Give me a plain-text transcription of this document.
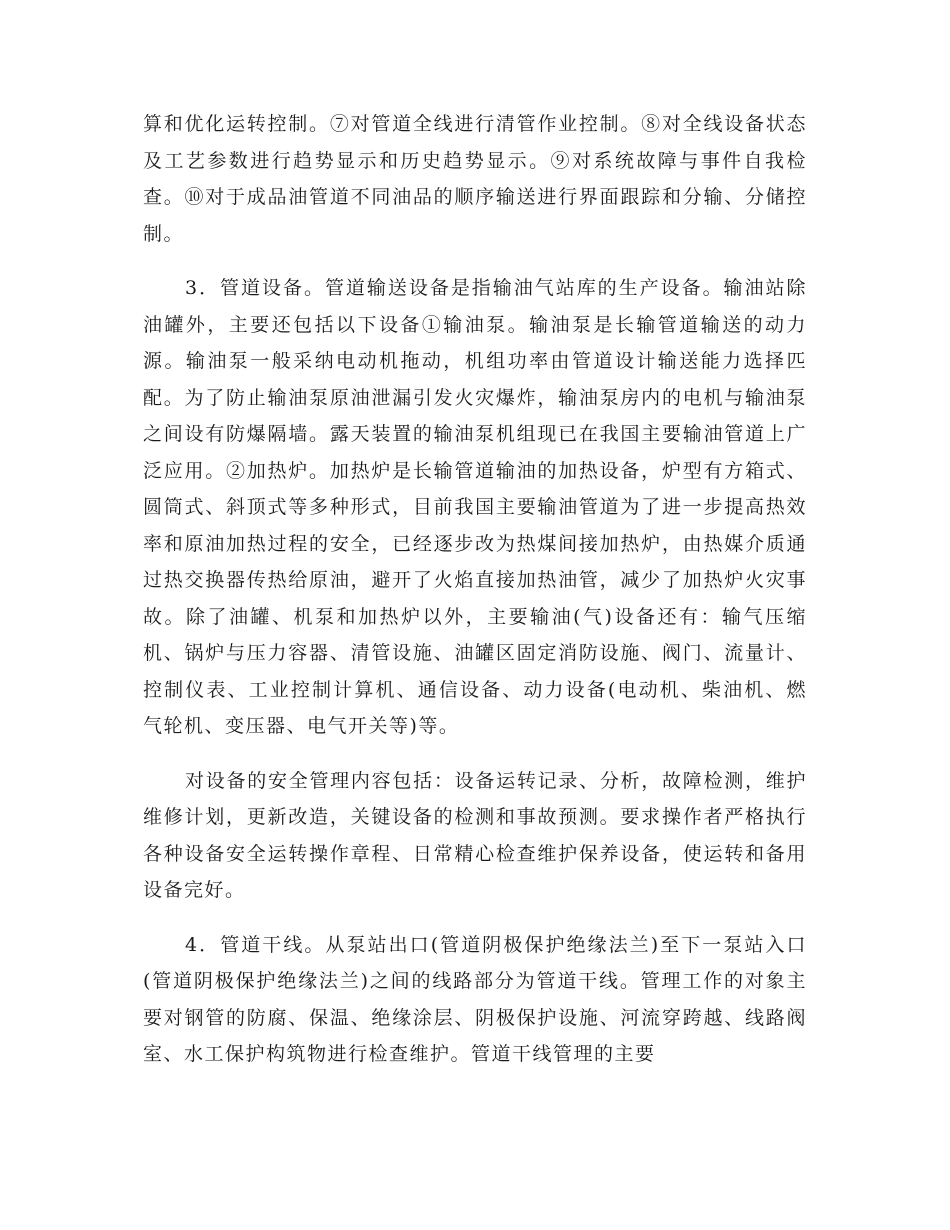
算和优化运转控制。⑦对管道全线进行清管作业控制。⑧对全线设备状态及工艺参数进行趋势显示和历史趋势显示。⑨对系统故障与事件自我检查。⑩对于成品油管道不同油品的顺序输送进行界面跟踪和分输、分储控制。

3．管道设备。管道输送设备是指输油气站库的生产设备。输油站除油罐外，主要还包括以下设备①输油泵。输油泵是长输管道输送的动力源。输油泵一般采纳电动机拖动，机组功率由管道设计输送能力选择匹配。为了防止输油泵原油泄漏引发火灾爆炸，输油泵房内的电机与输油泵之间设有防爆隔墙。露天装置的输油泵机组现已在我国主要输油管道上广泛应用。②加热炉。加热炉是长输管道输油的加热设备，炉型有方箱式、圆筒式、斜顶式等多种形式，目前我国主要输油管道为了进一步提高热效率和原油加热过程的安全，已经逐步改为热煤间接加热炉，由热媒介质通过热交换器传热给原油，避开了火焰直接加热油管，减少了加热炉火灾事故。除了油罐、机泵和加热炉以外，主要输油(气)设备还有：输气压缩机、锅炉与压力容器、清管设施、油罐区固定消防设施、阀门、流量计、控制仪表、工业控制计算机、通信设备、动力设备(电动机、柴油机、燃气轮机、变压器、电气开关等)等。

对设备的安全管理内容包括：设备运转记录、分析，故障检测，维护维修计划，更新改造，关键设备的检测和事故预测。要求操作者严格执行各种设备安全运转操作章程、日常精心检查维护保养设备，使运转和备用设备完好。

4．管道干线。从泵站出口(管道阴极保护绝缘法兰)至下一泵站入口(管道阴极保护绝缘法兰)之间的线路部分为管道干线。管理工作的对象主要对钢管的防腐、保温、绝缘涂层、阴极保护设施、河流穿跨越、线路阀室、水工保护构筑物进行检查维护。管道干线管理的主要
